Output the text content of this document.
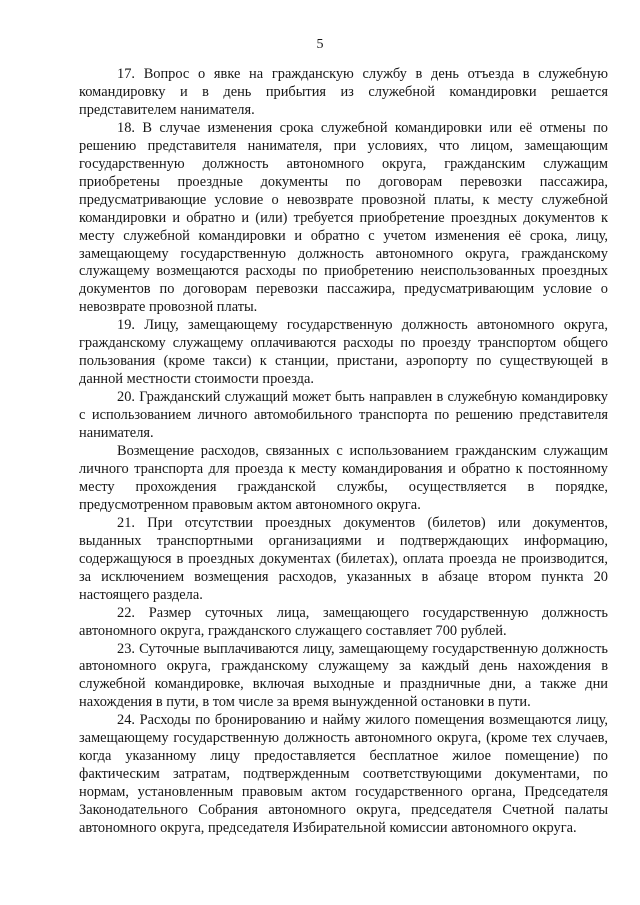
5

17. Вопрос о явке на гражданскую службу в день отъезда в служебную командировку и в день прибытия из служебной командировки решается представителем нанимателя.

18. В случае изменения срока служебной командировки или её отмены по решению представителя нанимателя, при условиях, что лицом, замещающим государственную должность автономного округа, гражданским служащим приобретены проездные документы по договорам перевозки пассажира, предусматривающие условие о невозврате провозной платы, к месту служебной командировки и обратно и (или) требуется приобретение проездных документов к месту служебной командировки и обратно с учетом изменения её срока, лицу, замещающему государственную должность автономного округа, гражданскому служащему возмещаются расходы по приобретению неиспользованных проездных документов по договорам перевозки пассажира, предусматривающим условие о невозврате провозной платы.

19. Лицу, замещающему государственную должность автономного округа, гражданскому служащему оплачиваются расходы по проезду транспортом общего пользования (кроме такси) к станции, пристани, аэропорту по существующей в данной местности стоимости проезда.

20. Гражданский служащий может быть направлен в служебную командировку с использованием личного автомобильного транспорта по решению представителя нанимателя.

Возмещение расходов, связанных с использованием гражданским служащим личного транспорта для проезда к месту командирования и обратно к постоянному месту прохождения гражданской службы, осуществляется в порядке, предусмотренном правовым актом автономного округа.

21. При отсутствии проездных документов (билетов) или документов, выданных транспортными организациями и подтверждающих информацию, содержащуюся в проездных документах (билетах), оплата проезда не производится, за исключением возмещения расходов, указанных в абзаце втором пункта 20 настоящего раздела.

22. Размер суточных лица, замещающего государственную должность автономного округа, гражданского служащего составляет 700 рублей.

23. Суточные выплачиваются лицу, замещающему государственную должность автономного округа, гражданскому служащему за каждый день нахождения в служебной командировке, включая выходные и праздничные дни, а также дни нахождения в пути, в том числе за время вынужденной остановки в пути.

24. Расходы по бронированию и найму жилого помещения возмещаются лицу, замещающему государственную должность автономного округа, (кроме тех случаев, когда указанному лицу предоставляется бесплатное жилое помещение) по фактическим затратам, подтвержденным соответствующими документами, по нормам, установленным правовым актом государственного органа, Председателя Законодательного Собрания автономного округа, председателя Счетной палаты автономного округа, председателя Избирательной комиссии автономного округа.
